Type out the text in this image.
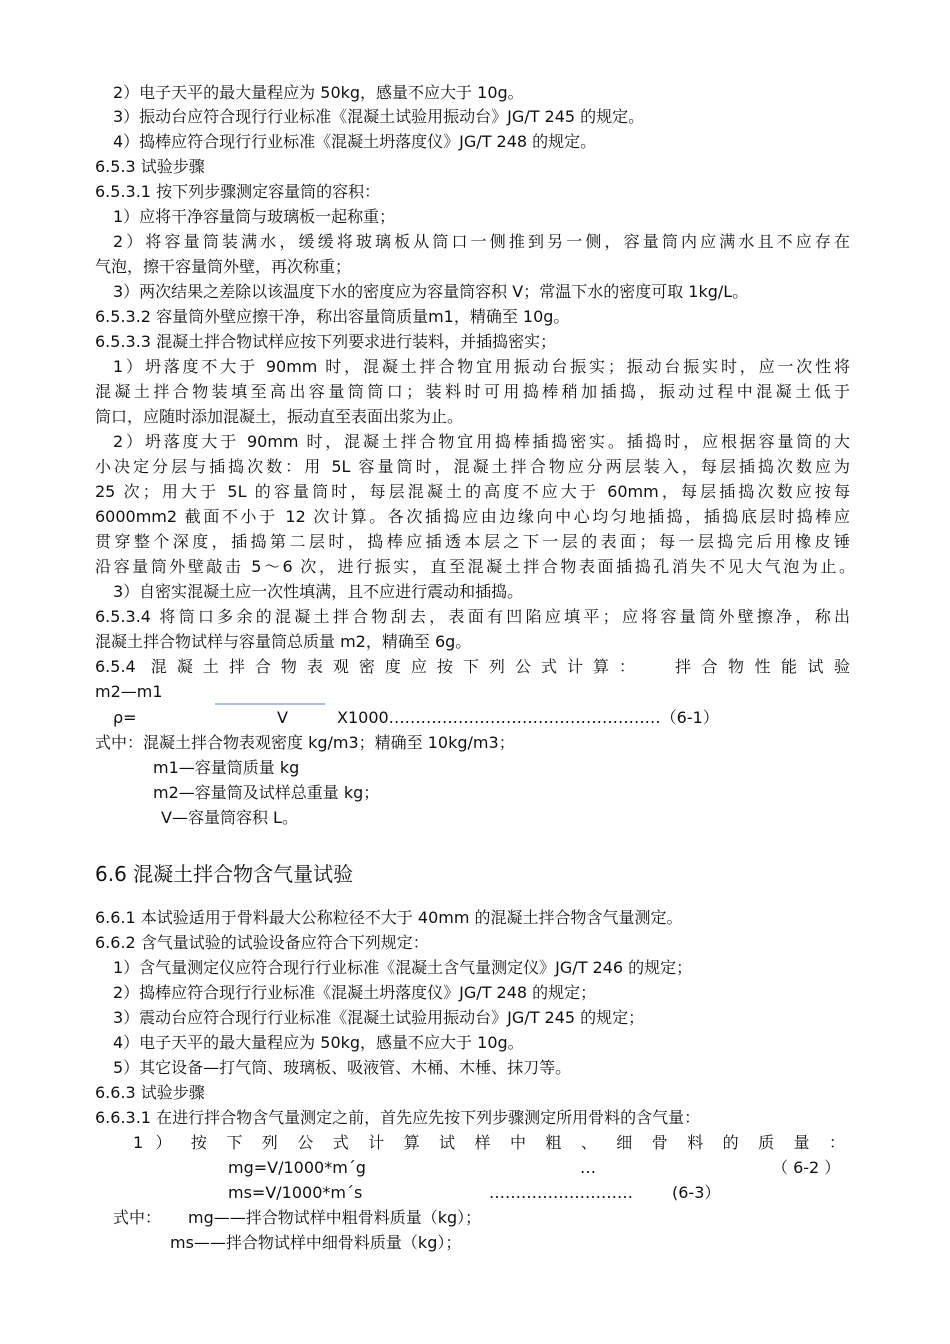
2）电子天平的最大量程应为 50kg，感量不应大于 10g。
3）振动台应符合现行行业标准《混凝土试验用振动台》JG/T 245 的规定。
4）捣棒应符合现行行业标准《混凝土坍落度仪》JG/T 248 的规定。
6.5.3 试验步骤
6.5.3.1 按下列步骤测定容量筒的容积：
1）应将干净容量筒与玻璃板一起称重；
2）将容量筒装满水，缓缓将玻璃板从筒口一侧推到另一侧，容量筒内应满水且不应存在
气泡，擦干容量筒外壁，再次称重；
3）两次结果之差除以该温度下水的密度应为容量筒容积 V；常温下水的密度可取 1kg/L。
6.5.3.2 容量筒外壁应擦干净，称出容量筒质量m1，精确至 10g。
6.5.3.3 混凝土拌合物试样应按下列要求进行装料，并插捣密实；
1）坍落度不大于 90mm 时，混凝土拌合物宜用振动台振实；振动台振实时，应一次性将
混凝土拌合物装填至高出容量筒筒口；装料时可用捣棒稍加插捣，振动过程中混凝土低于
筒口，应随时添加混凝土，振动直至表面出浆为止。
2）坍落度大于 90mm 时，混凝土拌合物宜用捣棒插捣密实。插捣时，应根据容量筒的大
小决定分层与插捣次数：用 5L 容量筒时，混凝土拌合物应分两层装入，每层插捣次数应为
25 次；用大于 5L 的容量筒时，每层混凝土的高度不应大于 60mm，每层插捣次数应按每
6000mm2 截面不小于 12 次计算。各次插捣应由边缘向中心均匀地插捣，插捣底层时捣棒应
贯穿整个深度，插捣第二层时，捣棒应插透本层之下一层的表面；每一层捣完后用橡皮锤
沿容量筒外壁敲击 5～6 次，进行振实，直至混凝土拌合物表面插捣孔消失不见大气泡为止。
3）自密实混凝土应一次性填满，且不应进行震动和插捣。
6.5.3.4 将筒口多余的混凝土拌合物刮去，表面有凹陷应填平；应将容量筒外壁擦净，称出
混凝土拌合物试样与容量筒总质量 m2，精确至 6g。
6.5.4 混凝土拌合物表观密度应按下列公式计算：	拌合物性能试验
m2—m1
ρ=	V	X1000……………………………………………（6-1）
式中：混凝土拌合物表观密度 kg/m3；精确至 10kg/m3；
m1—容量筒质量 kg
m2—容量筒及试样总重量 kg；
V—容量筒容积 L。
6.6 混凝土拌合物含气量试验
6.6.1 本试验适用于骨料最大公称粒径不大于 40mm 的混凝土拌合物含气量测定。
6.6.2 含气量试验的试验设备应符合下列规定：
1）含气量测定仪应符合现行行业标准《混凝土含气量测定仪》JG/T 246 的规定；
2）捣棒应符合现行行业标准《混凝土坍落度仪》JG/T 248 的规定；
3）震动台应符合现行行业标准《混凝土试验用振动台》JG/T 245 的规定；
4）电子天平的最大量程应为 50kg，感量不应大于 10g。
5）其它设备—打气筒、玻璃板、吸液管、木桶、木棰、抹刀等。
6.6.3 试验步骤
6.6.3.1 在进行拌合物含气量测定之前，首先应先按下列步骤测定所用骨料的含气量：
1 ） 按 下 列 公 式 计 算 试 样 中 粗 、 细 骨 料 的 质 量 ：
mg=V/1000*m´g	…	（ 6-2 ）
ms=V/1000*m´s	……………………… (6-3）
式中： mg——拌合物试样中粗骨料质量（kg）；
ms——拌合物试样中细骨料质量（kg）；
